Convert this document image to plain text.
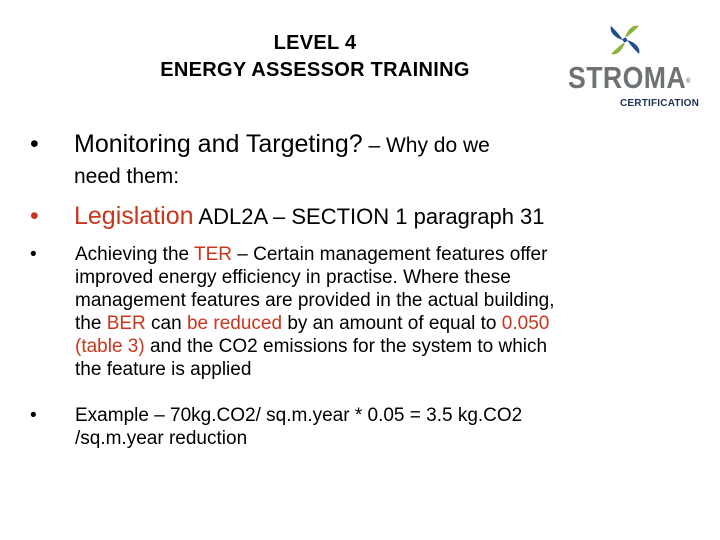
LEVEL 4
ENERGY ASSESSOR TRAINING	STROMA®
CERTIFICATION
• Monitoring and Targeting? – Why do we
need them:
• Legislation ADL2A – SECTION 1 paragraph 31
• Achieving the TER – Certain management features offer
improved energy efficiency in practise. Where these
management features are provided in the actual building,
the BER can be reduced by an amount of equal to 0.050
(table 3) and the CO2 emissions for the system to which
the feature is applied
• Example – 70kg.CO2/ sq.m.year * 0.05 = 3.5 kg.CO2
/sq.m.year reduction
